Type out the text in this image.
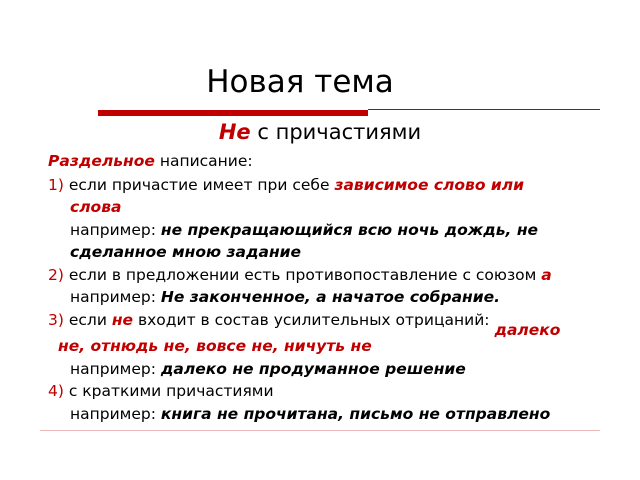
Новая тема
Не с причастиями
Раздельное написание:
1) если причастие имеет при себе зависимое слово или
слова
например: не прекращающийся всю ночь дождь, не
сделанное мною задание
2) если в предложении есть противопоставление с союзом а
например: Не законченное, а начатое собрание.
3) если не входит в состав усилительных отрицаний: далеко
не, отнюдь не, вовсе не, ничуть не
например: далеко не продуманное решение
4) с краткими причастиями
например: книга не прочитана, письмо не отправлено
